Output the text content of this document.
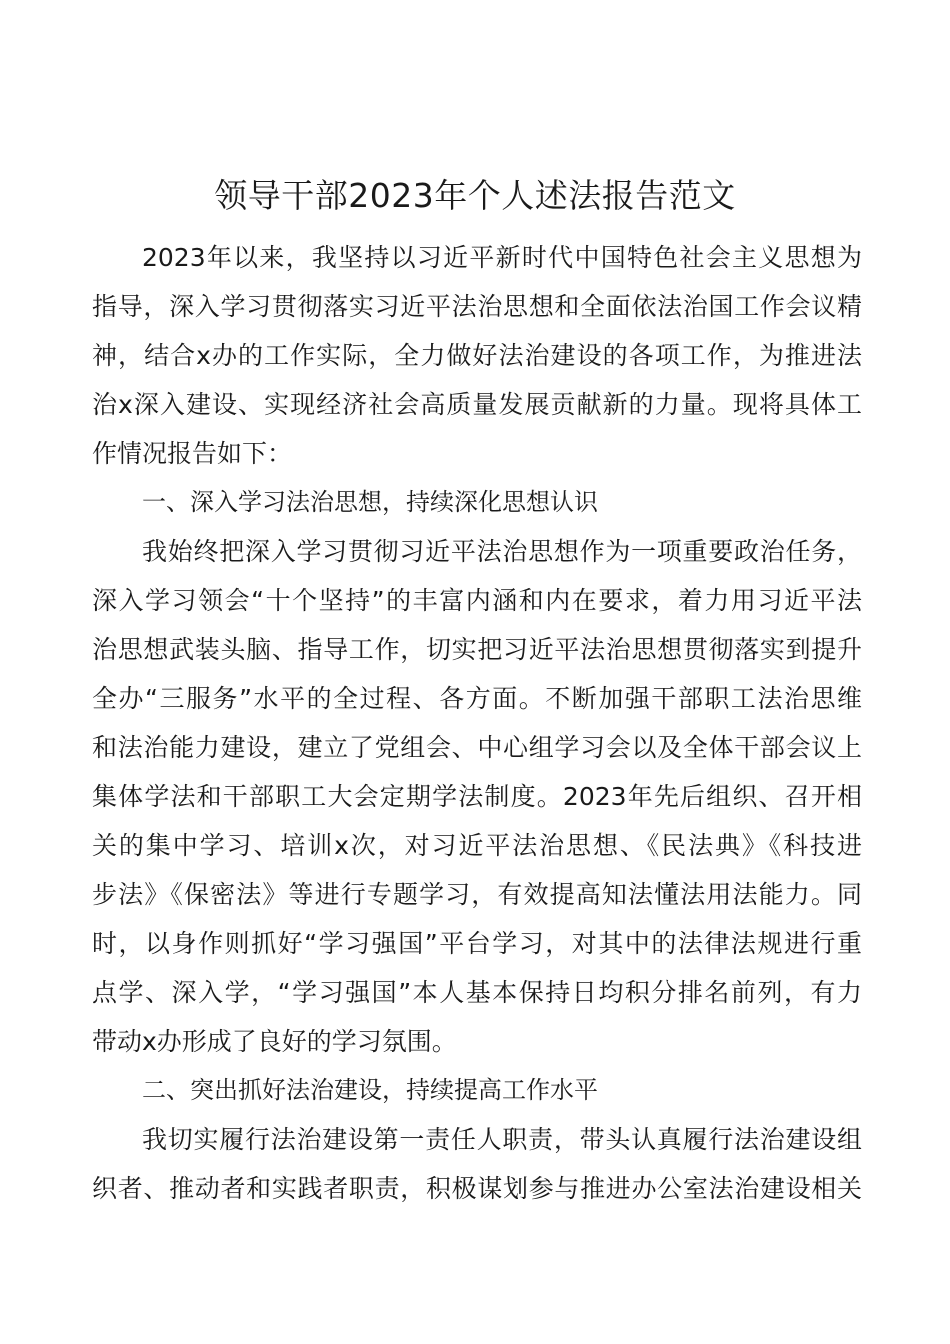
领导干部2023年个人述法报告范文
2023年以来，我坚持以习近平新时代中国特色社会主义思想为
指导，深入学习贯彻落实习近平法治思想和全面依法治国工作会议精
神，结合x办的工作实际，全力做好法治建设的各项工作，为推进法
治x深入建设、实现经济社会高质量发展贡献新的力量。现将具体工
作情况报告如下：
一、深入学习法治思想，持续深化思想认识
我始终把深入学习贯彻习近平法治思想作为一项重要政治任务，
深入学习领会“十个坚持”的丰富内涵和内在要求，着力用习近平法
治思想武装头脑、指导工作，切实把习近平法治思想贯彻落实到提升
全办“三服务”水平的全过程、各方面。不断加强干部职工法治思维
和法治能力建设，建立了党组会、中心组学习会以及全体干部会议上
集体学法和干部职工大会定期学法制度。2023年先后组织、召开相
关的集中学习、培训x次，对习近平法治思想、《民法典》《科技进
步法》《保密法》等进行专题学习，有效提高知法懂法用法能力。同
时，以身作则抓好“学习强国”平台学习，对其中的法律法规进行重
点学、深入学，“学习强国”本人基本保持日均积分排名前列，有力
带动x办形成了良好的学习氛围。
二、突出抓好法治建设，持续提高工作水平
我切实履行法治建设第一责任人职责，带头认真履行法治建设组
织者、推动者和实践者职责，积极谋划参与推进办公室法治建设相关
